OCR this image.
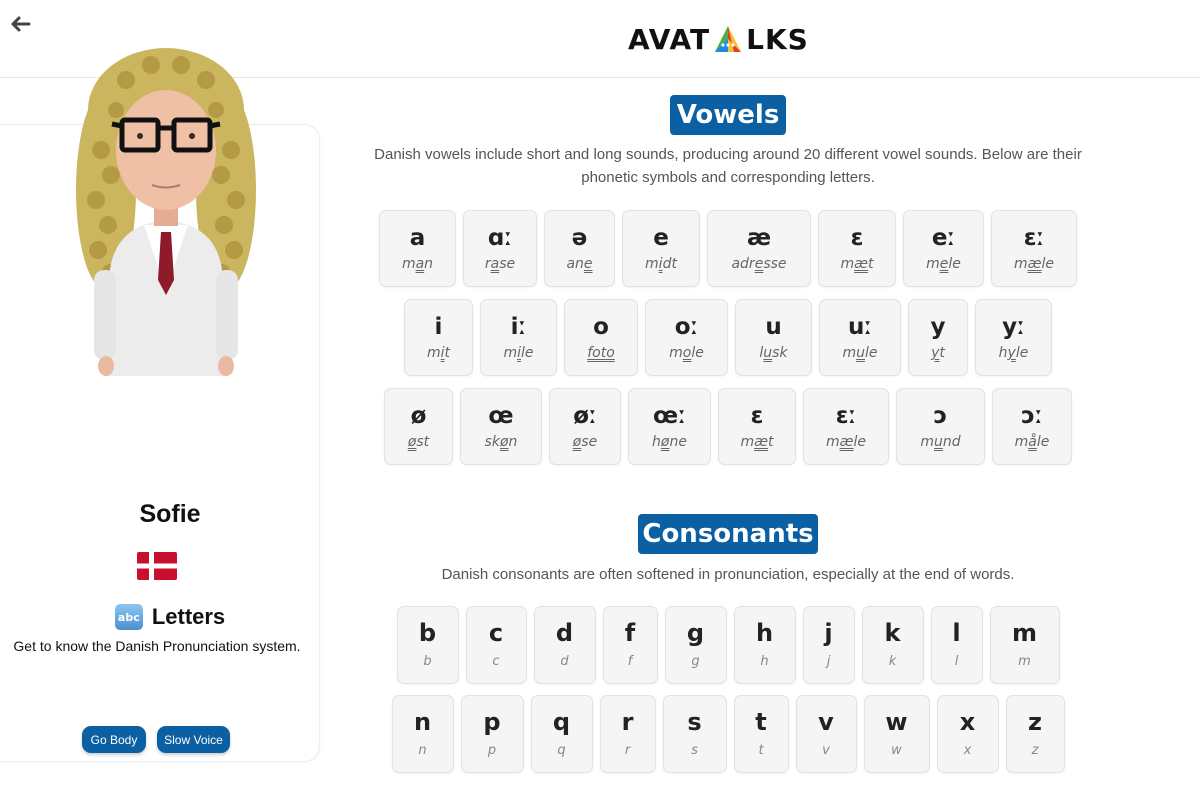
AVAT LKS
Sofie
abc Letters
Get to know the Danish Pronunciation system.
Go Body	Slow Voice
Vowels
Danish vowels include short and long sounds, producing around 20 different vowel sounds. Below are their
phonetic symbols and corresponding letters.
a
man
ɑː
rase
ə
ane
e
midt
æ
adresse
ɛ
mæt
eː
mele
ɛː
mæle
i
mit
iː
mile
o
foto
oː
mole
u
lusk
uː
mule
y
yt
yː
hyle
ø
øst
œ
skøn
øː
øse
œː
høne
ɛ
mæt
ɛː
mæle
ɔ
mund
ɔː
måle
Consonants
Danish consonants are often softened in pronunciation, especially at the end of words.
b
b
c
c
d
d
f
f
g
g
h
h
j
j
k
k
l
l
m
m
n
n
p
p
q
q
r
r
s
s
t
t
v
v
w
w
x
x
z
z
